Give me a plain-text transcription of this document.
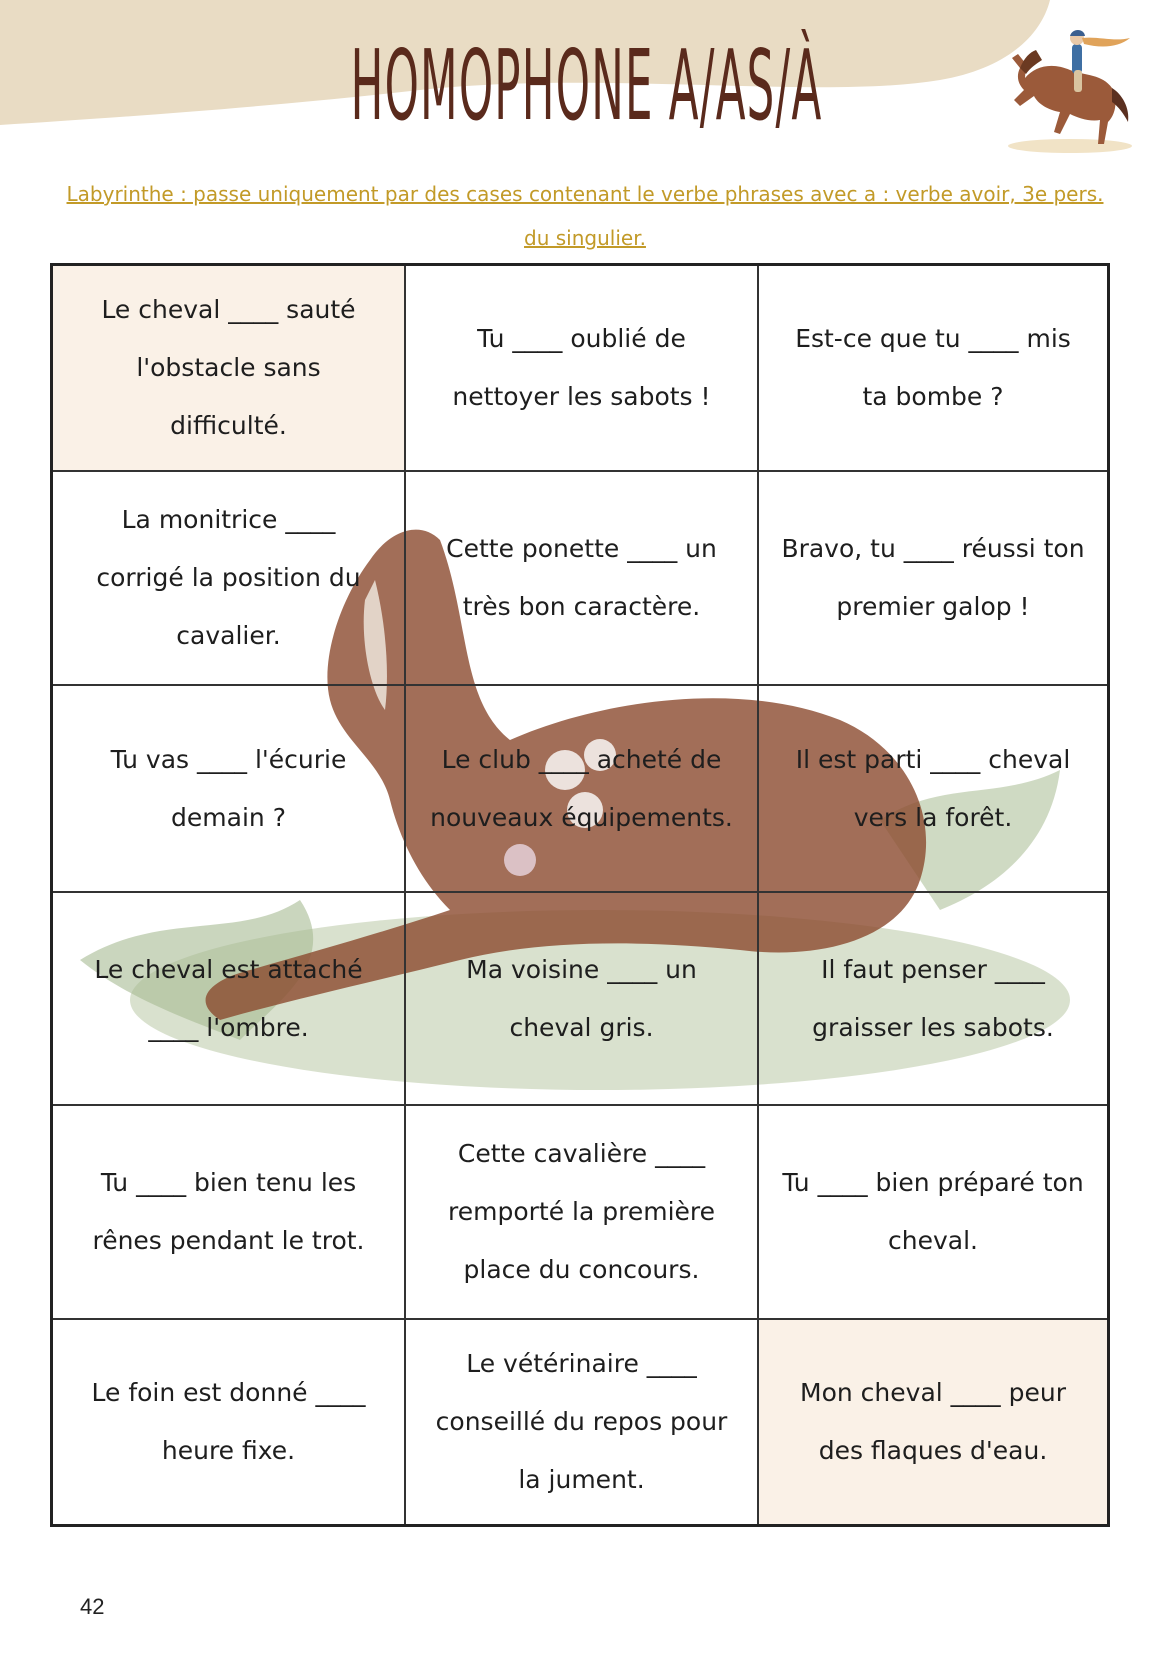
HOMOPHONE A/AS/À
Labyrinthe : passe uniquement par des cases contenant le verbe phrases avec a : verbe avoir, 3e pers. du singulier.
Le cheval ____ sauté l'obstacle sans difficulté.
Tu ____ oublié de nettoyer les sabots !
Est-ce que tu ____ mis ta bombe ?
La monitrice ____ corrigé la position du cavalier.
Cette ponette ____ un très bon caractère.
Bravo, tu ____ réussi ton premier galop !
Tu vas ____ l'écurie demain ?
Le club ____ acheté de nouveaux équipements.
Il est parti ____ cheval vers la forêt.
Le cheval est attaché ____ l'ombre.
Ma voisine ____ un cheval gris.
Il faut penser ____ graisser les sabots.
Tu ____ bien tenu les rênes pendant le trot.
Cette cavalière ____ remporté la première place du concours.
Tu ____ bien préparé ton cheval.
Le foin est donné ____ heure fixe.
Le vétérinaire ____ conseillé du repos pour la jument.
Mon cheval ____ peur des flaques d'eau.
42
